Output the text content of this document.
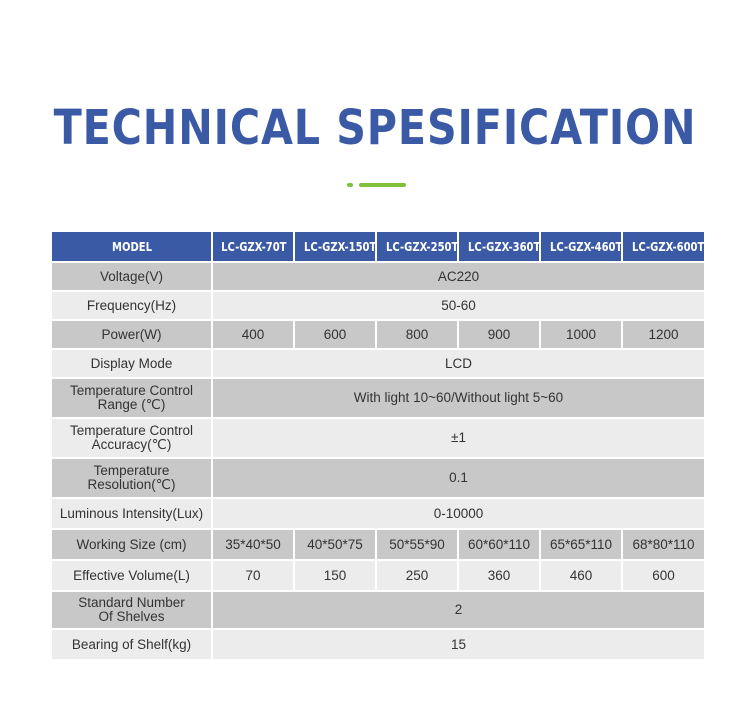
TECHNICAL SPESIFICATION
MODEL	LC-GZX-70T	LC-GZX-150T	LC-GZX-250T	LC-GZX-360T	LC-GZX-460T	LC-GZX-600T
Voltage(V)	AC220					
Frequency(Hz)	50-60					
Power(W)	400	600	800	900	1000	1200
Display Mode	LCD					
Temperature Control
Range (℃)	With light 10~60/Without light 5~60					
Temperature Control
Accuracy(℃)	±1					
Temperature
Resolution(℃)	0.1					
Luminous Intensity(Lux)	0-10000					
Working Size (cm)	35*40*50	40*50*75	50*55*90	60*60*110	65*65*110	68*80*110
Effective Volume(L)	70	150	250	360	460	600
Standard Number
Of Shelves	2					
Bearing of Shelf(kg)	15					
